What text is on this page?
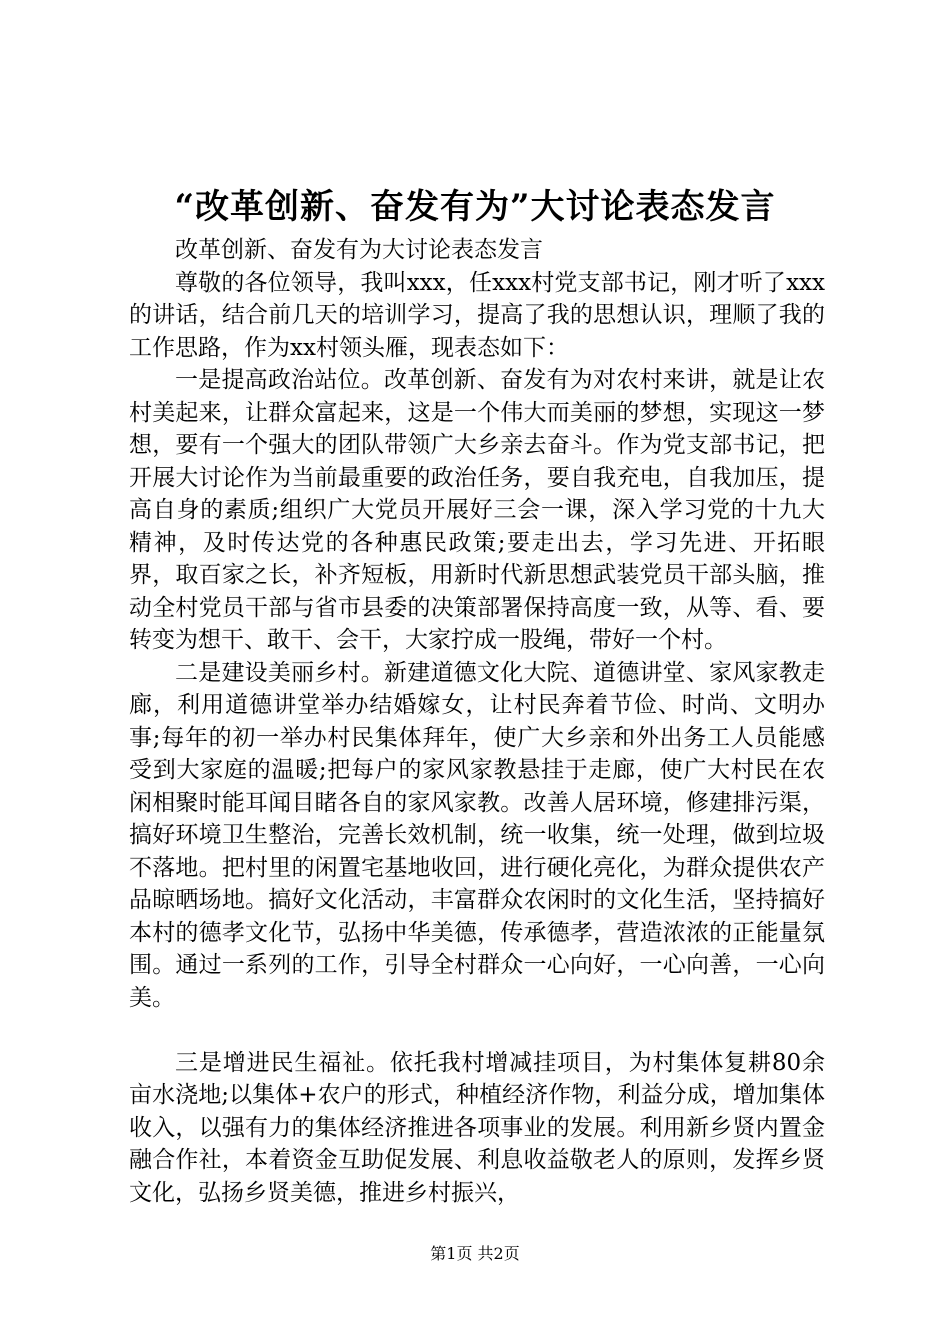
“改革创新、奋发有为”大讨论表态发言

改革创新、奋发有为大讨论表态发言

尊敬的各位领导，我叫xxx，任xxx村党支部书记，刚才听了xxx的讲话，结合前几天的培训学习，提高了我的思想认识，理顺了我的工作思路，作为xx村领头雁，现表态如下：

一是提高政治站位。改革创新、奋发有为对农村来讲，就是让农村美起来，让群众富起来，这是一个伟大而美丽的梦想，实现这一梦想，要有一个强大的团队带领广大乡亲去奋斗。作为党支部书记，把开展大讨论作为当前最重要的政治任务，要自我充电，自我加压，提高自身的素质;组织广大党员开展好三会一课，深入学习党的十九大精神，及时传达党的各种惠民政策;要走出去，学习先进、开拓眼界，取百家之长，补齐短板，用新时代新思想武装党员干部头脑，推动全村党员干部与省市县委的决策部署保持高度一致，从等、看、要转变为想干、敢干、会干，大家拧成一股绳，带好一个村。

二是建设美丽乡村。新建道德文化大院、道德讲堂、家风家教走廊，利用道德讲堂举办结婚嫁女，让村民奔着节俭、时尚、文明办事;每年的初一举办村民集体拜年，使广大乡亲和外出务工人员能感受到大家庭的温暖;把每户的家风家教悬挂于走廊，使广大村民在农闲相聚时能耳闻目睹各自的家风家教。改善人居环境，修建排污渠，搞好环境卫生整治，完善长效机制，统一收集，统一处理，做到垃圾不落地。把村里的闲置宅基地收回，进行硬化亮化，为群众提供农产品晾晒场地。搞好文化活动，丰富群众农闲时的文化生活，坚持搞好本村的德孝文化节，弘扬中华美德，传承德孝，营造浓浓的正能量氛围。通过一系列的工作，引导全村群众一心向好，一心向善，一心向美。

三是增进民生福祉。依托我村增减挂项目，为村集体复耕80余亩水浇地;以集体+农户的形式，种植经济作物，利益分成，增加集体收入，以强有力的集体经济推进各项事业的发展。利用新乡贤内置金融合作社，本着资金互助促发展、利息收益敬老人的原则，发挥乡贤文化，弘扬乡贤美德，推进乡村振兴，

第1页 共2页
